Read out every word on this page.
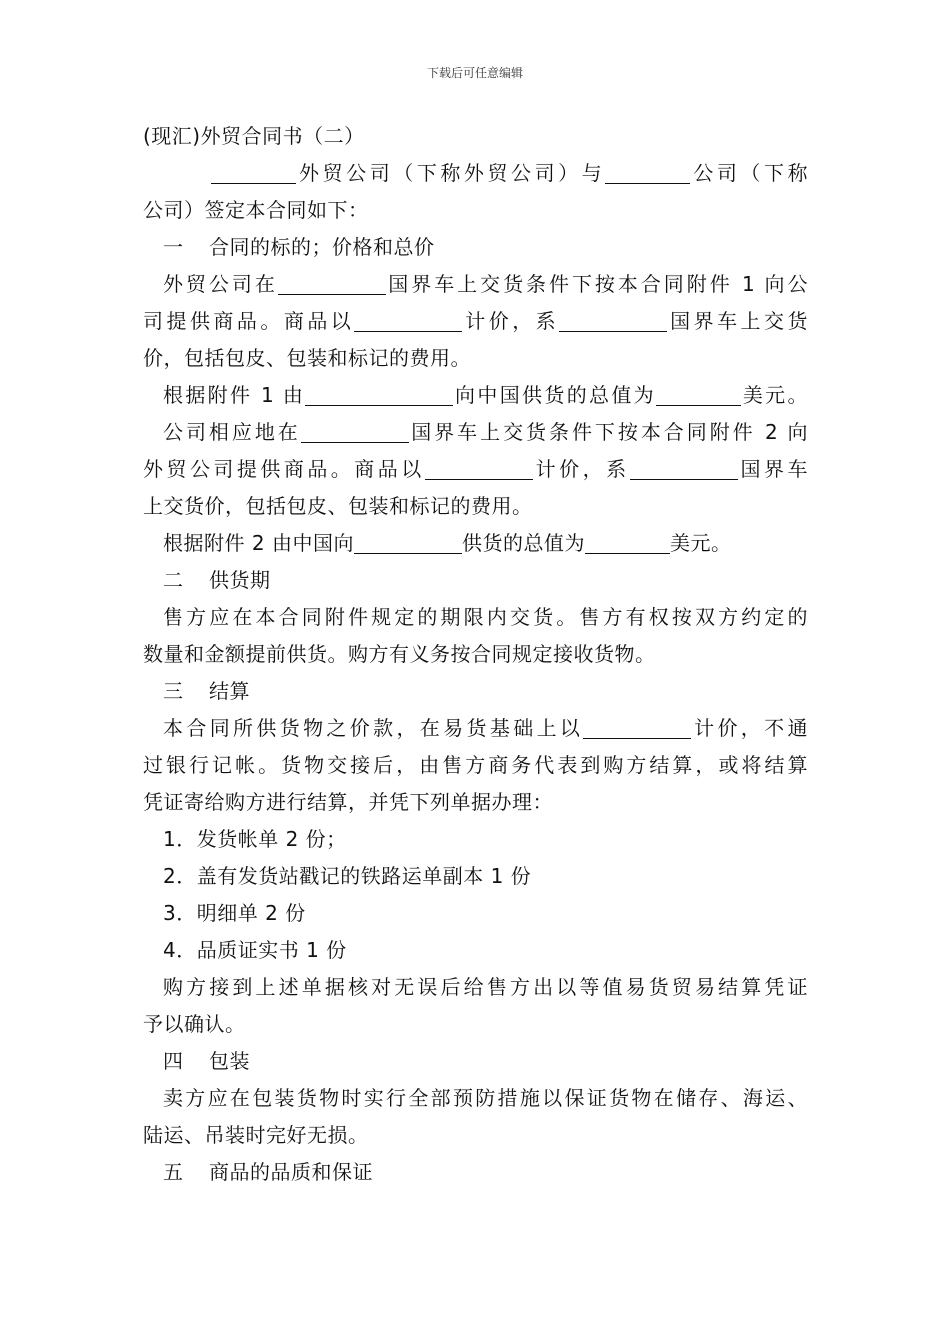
下载后可任意编辑
(现汇)外贸合同书（二）
外贸公司（下称外贸公司）与	公司（下称
公司）签定本合同如下：
一 合同的标的；价格和总价
外贸公司在	国界车上交货条件下按本合同附件 1 向公
司提供商品。商品以	计价，系	国界车上交货
价，包括包皮、包装和标记的费用。
根据附件 1 由	向中国供货的总值为	美元。
公司相应地在	国界车上交货条件下按本合同附件 2 向
外贸公司提供商品。商品以	计价，系	国界车
上交货价，包括包皮、包装和标记的费用。
根据附件 2 由中国向	供货的总值为	美元。
二 供货期
售方应在本合同附件规定的期限内交货。售方有权按双方约定的
数量和金额提前供货。购方有义务按合同规定接收货物。
三 结算
本合同所供货物之价款，在易货基础上以	计价，不通
过银行记帐。货物交接后，由售方商务代表到购方结算，或将结算
凭证寄给购方进行结算，并凭下列单据办理：
1．发货帐单 2 份；
2．盖有发货站戳记的铁路运单副本 1 份
3．明细单 2 份
4．品质证实书 1 份
购方接到上述单据核对无误后给售方出以等值易货贸易结算凭证
予以确认。
四 包装
卖方应在包装货物时实行全部预防措施以保证货物在储存、海运、
陆运、吊装时完好无损。
五 商品的品质和保证
